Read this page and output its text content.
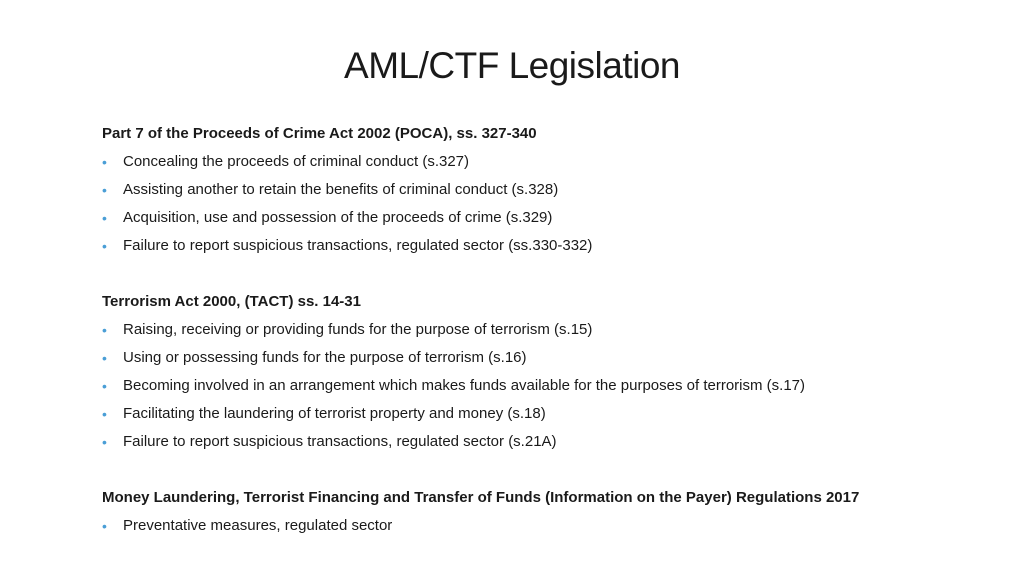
AML/CTF Legislation
Part 7 of the Proceeds of Crime Act 2002 (POCA), ss. 327-340
• Concealing the proceeds of criminal conduct (s.327)
• Assisting another to retain the benefits of criminal conduct (s.328)
• Acquisition, use and possession of the proceeds of crime (s.329)
• Failure to report suspicious transactions, regulated sector (ss.330-332)
Terrorism Act 2000, (TACT) ss. 14-31
• Raising, receiving or providing funds for the purpose of terrorism (s.15)
• Using or possessing funds for the purpose of terrorism (s.16)
• Becoming involved in an arrangement which makes funds available for the purposes of terrorism (s.17)
• Facilitating the laundering of terrorist property and money (s.18)
• Failure to report suspicious transactions, regulated sector (s.21A)
Money Laundering, Terrorist Financing and Transfer of Funds (Information on the Payer) Regulations 2017
• Preventative measures, regulated sector
